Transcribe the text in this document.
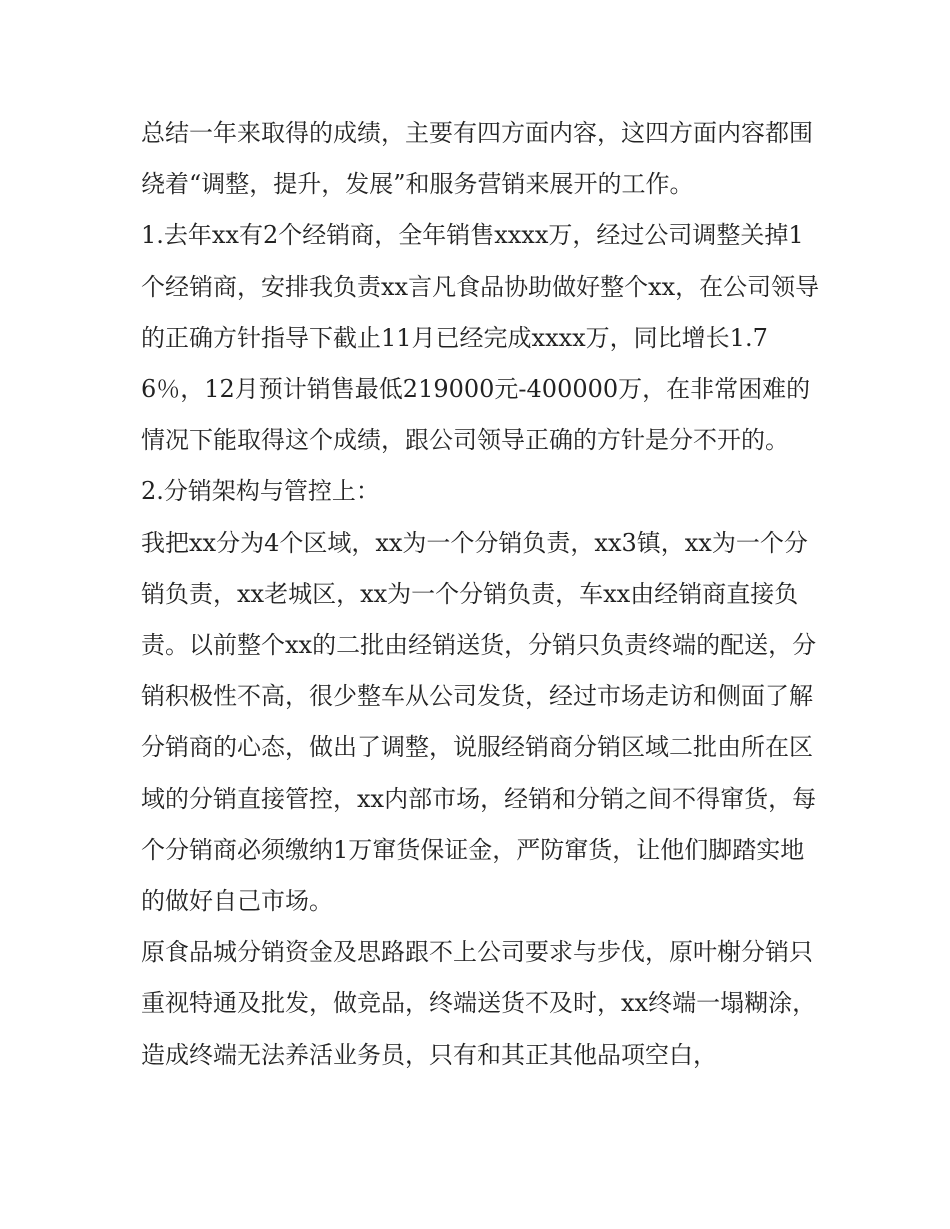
总结一年来取得的成绩，主要有四方面内容，这四方面内容都围绕着“调整，提升，发展”和服务营销来展开的工作。

1.去年xx有2个经销商，全年销售xxxx万，经过公司调整关掉1个经销商，安排我负责xx言凡食品协助做好整个xx，在公司领导的正确方针指导下截止11月已经完成xxxx万，同比增长1.76％，12月预计销售最低219000元-400000万，在非常困难的情况下能取得这个成绩，跟公司领导正确的方针是分不开的。

2.分销架构与管控上：

我把xx分为4个区域，xx为一个分销负责，xx3镇，xx为一个分销负责，xx老城区，xx为一个分销负责，车xx由经销商直接负责。以前整个xx的二批由经销送货，分销只负责终端的配送，分销积极性不高，很少整车从公司发货，经过市场走访和侧面了解分销商的心态，做出了调整，说服经销商分销区域二批由所在区域的分销直接管控，xx内部市场，经销和分销之间不得窜货，每个分销商必须缴纳1万窜货保证金，严防窜货，让他们脚踏实地的做好自己市场。

原食品城分销资金及思路跟不上公司要求与步伐，原叶榭分销只重视特通及批发，做竞品，终端送货不及时，xx终端一塌糊涂，造成终端无法养活业务员，只有和其正其他品项空白，
